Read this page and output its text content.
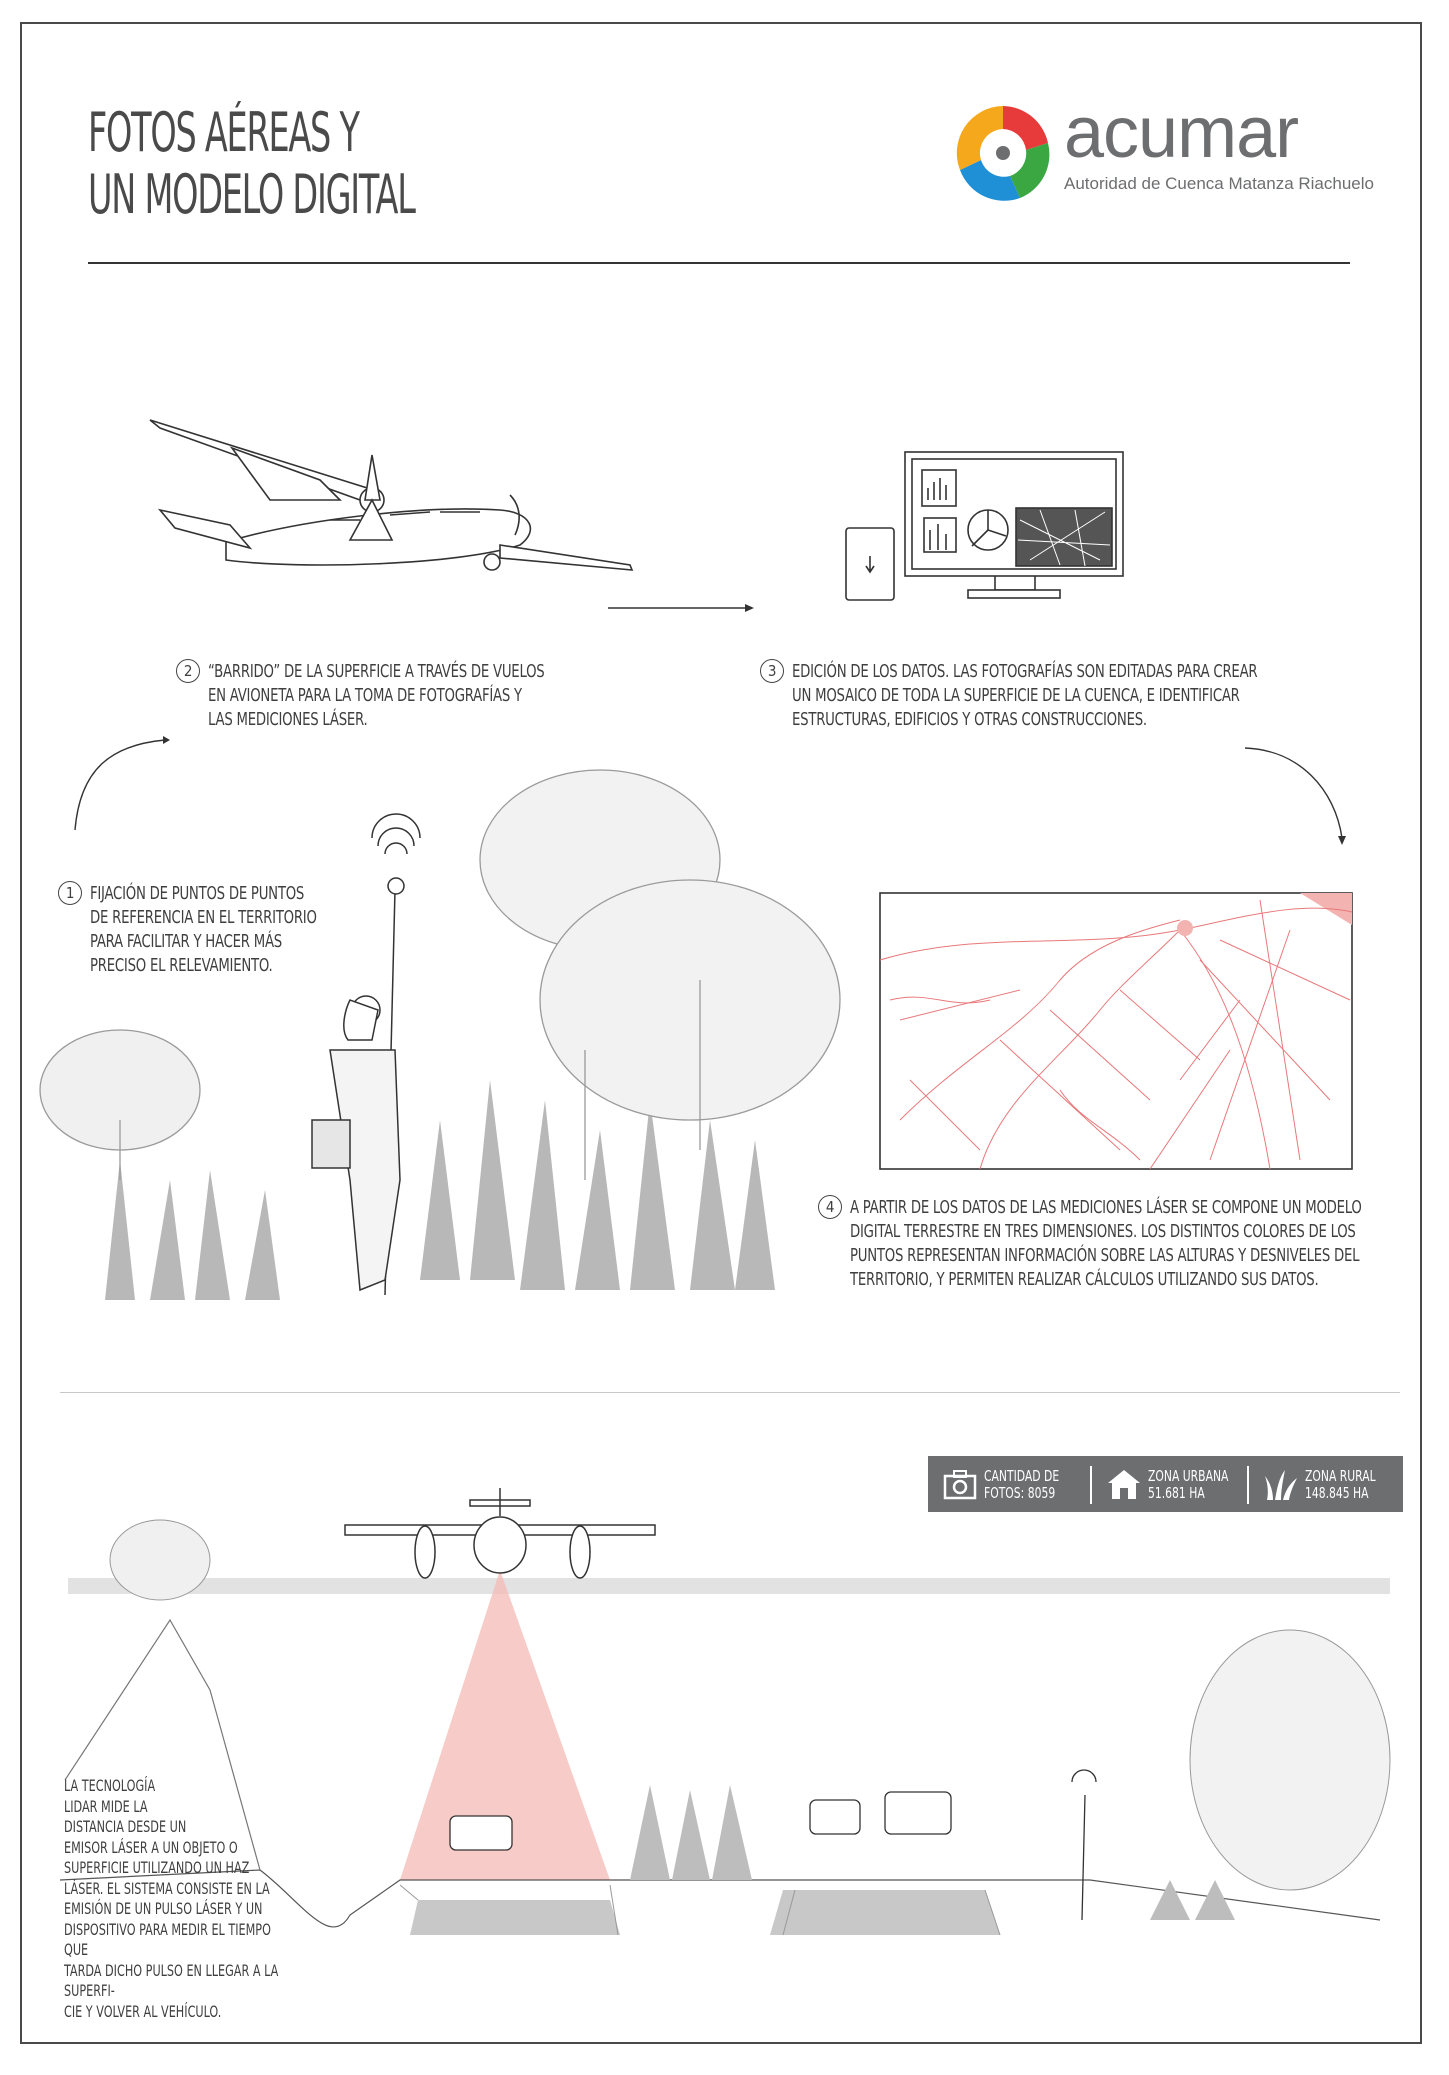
FOTOS AÉREAS Y
UN MODELO DIGITAL
acumar
Autoridad de Cuenca Matanza Riachuelo
2 “BARRIDO” DE LA SUPERFICIE A TRAVÉS DE VUELOS
EN AVIONETA PARA LA TOMA DE FOTOGRAFÍAS Y
LAS MEDICIONES LÁSER.
3 EDICIÓN DE LOS DATOS. LAS FOTOGRAFÍAS SON EDITADAS PARA CREAR
UN MOSAICO DE TODA LA SUPERFICIE DE LA CUENCA, E IDENTIFICAR
ESTRUCTURAS, EDIFICIOS Y OTRAS CONSTRUCCIONES.
1 FIJACIÓN DE PUNTOS DE PUNTOS
DE REFERENCIA EN EL TERRITORIO
PARA FACILITAR Y HACER MÁS
PRECISO EL RELEVAMIENTO.
4 A PARTIR DE LOS DATOS DE LAS MEDICIONES LÁSER SE COMPONE UN MODELO
DIGITAL TERRESTRE EN TRES DIMENSIONES. LOS DISTINTOS COLORES DE LOS
PUNTOS REPRESENTAN INFORMACIÓN SOBRE LAS ALTURAS Y DESNIVELES DEL
TERRITORIO, Y PERMITEN REALIZAR CÁLCULOS UTILIZANDO SUS DATOS.
CANTIDAD DE
FOTOS: 8059
ZONA URBANA
51.681 HA
ZONA RURAL
148.845 HA
LA TECNOLOGÍA
LIDAR MIDE LA
DISTANCIA DESDE UN
EMISOR LÁSER A UN OBJETO O
SUPERFICIE UTILIZANDO UN HAZ
LÁSER. EL SISTEMA CONSISTE EN LA
EMISIÓN DE UN PULSO LÁSER Y UN
DISPOSITIVO PARA MEDIR EL TIEMPO QUE
TARDA DICHO PULSO EN LLEGAR A LA SUPERFI-
CIE Y VOLVER AL VEHÍCULO.
